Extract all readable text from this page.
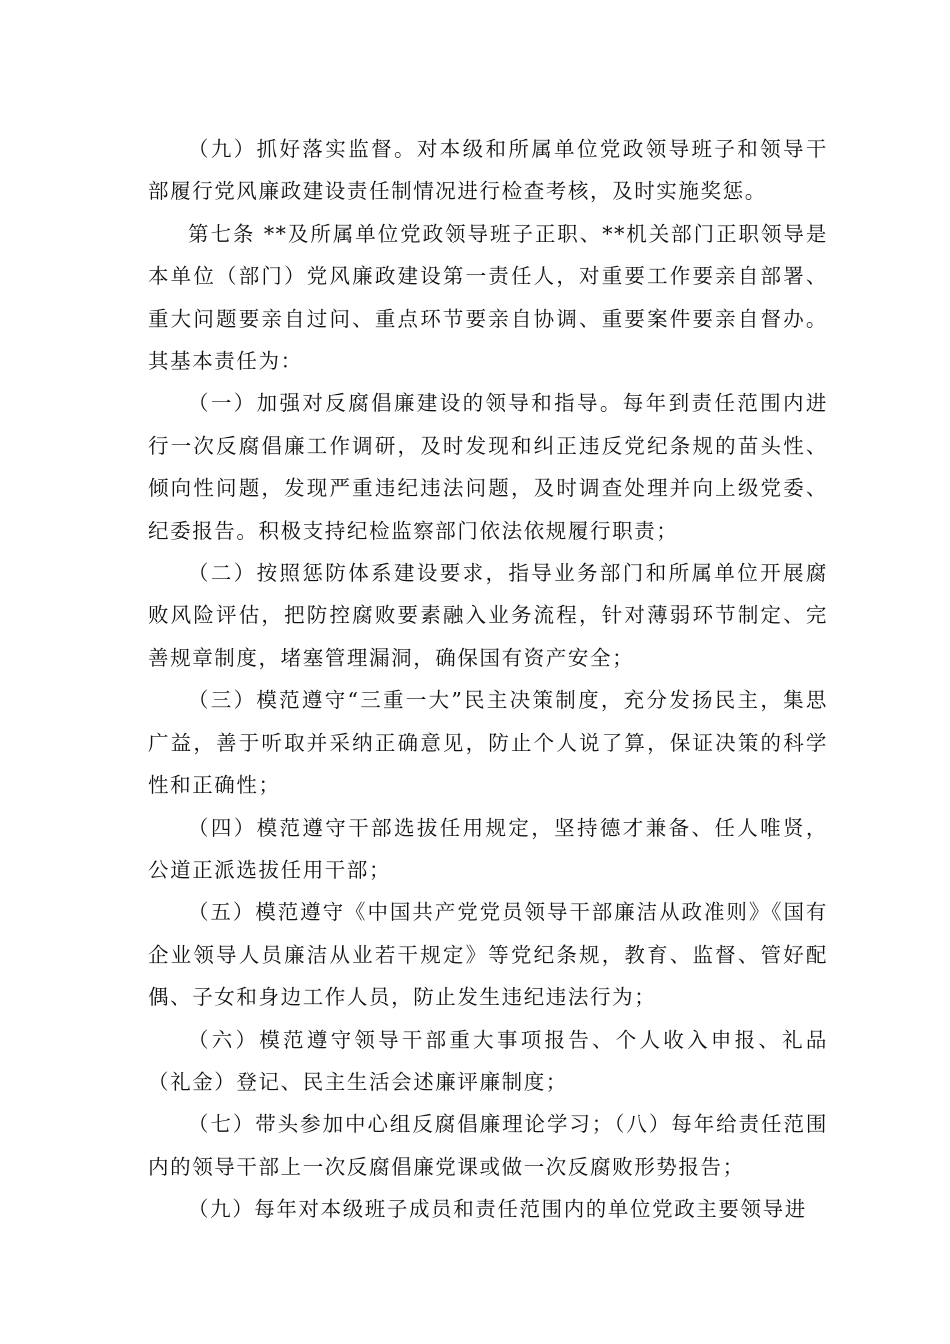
（九）抓好落实监督。对本级和所属单位党政领导班子和领导干部履行党风廉政建设责任制情况进行检查考核，及时实施奖惩。

第七条 **及所属单位党政领导班子正职、**机关部门正职领导是本单位（部门）党风廉政建设第一责任人，对重要工作要亲自部署、重大问题要亲自过问、重点环节要亲自协调、重要案件要亲自督办。其基本责任为：

（一）加强对反腐倡廉建设的领导和指导。每年到责任范围内进行一次反腐倡廉工作调研，及时发现和纠正违反党纪条规的苗头性、倾向性问题，发现严重违纪违法问题，及时调查处理并向上级党委、纪委报告。积极支持纪检监察部门依法依规履行职责；

（二）按照惩防体系建设要求，指导业务部门和所属单位开展腐败风险评估，把防控腐败要素融入业务流程，针对薄弱环节制定、完善规章制度，堵塞管理漏洞，确保国有资产安全；

（三）模范遵守“三重一大”民主决策制度，充分发扬民主，集思广益，善于听取并采纳正确意见，防止个人说了算，保证决策的科学性和正确性；

（四）模范遵守干部选拔任用规定，坚持德才兼备、任人唯贤，公道正派选拔任用干部；

（五）模范遵守《中国共产党党员领导干部廉洁从政准则》《国有企业领导人员廉洁从业若干规定》等党纪条规，教育、监督、管好配偶、子女和身边工作人员，防止发生违纪违法行为；

（六）模范遵守领导干部重大事项报告、个人收入申报、礼品（礼金）登记、民主生活会述廉评廉制度；

（七）带头参加中心组反腐倡廉理论学习；（八）每年给责任范围内的领导干部上一次反腐倡廉党课或做一次反腐败形势报告；

（九）每年对本级班子成员和责任范围内的单位党政主要领导进
